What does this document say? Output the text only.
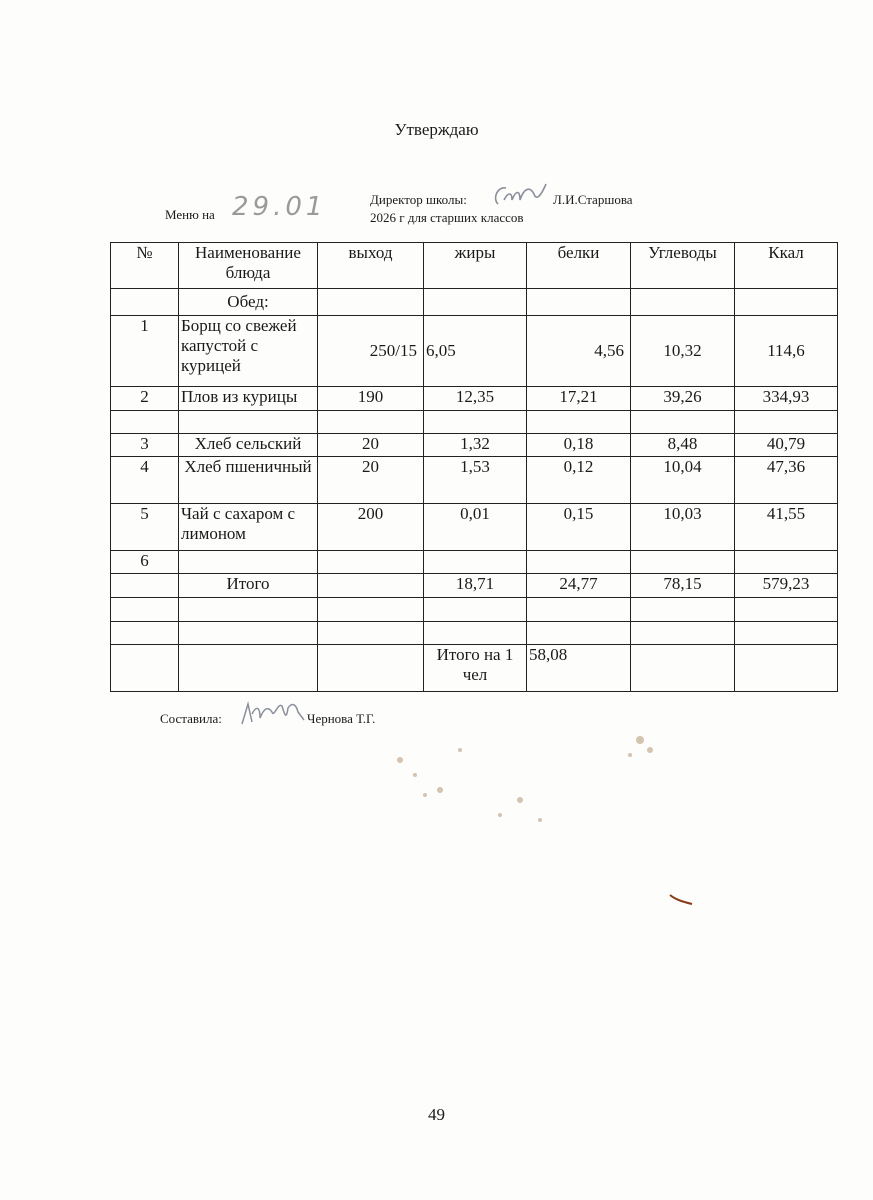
Утверждаю
Меню на 29.01	Директор школы:	Л.И.Старшова
2026 г для старших классов
№	Наименование блюда	выход	жиры	белки	Углеводы	Ккал
	Обед:					
1	Борщ со свежей капустой с курицей	250/15	6,05	4,56	10,32	114,6
2	Плов из курицы	190	12,35	17,21	39,26	334,93

3	Хлеб сельский	20	1,32	0,18	8,48	40,79
4	Хлеб пшеничный	20	1,53	0,12	10,04	47,36
5	Чай с сахаром с лимоном	200	0,01	0,15	10,03	41,55
6						
	Итого		18,71	24,77	78,15	579,23

			Итого на 1 чел	58,08		
Составила:	Чернова Т.Г.
49
